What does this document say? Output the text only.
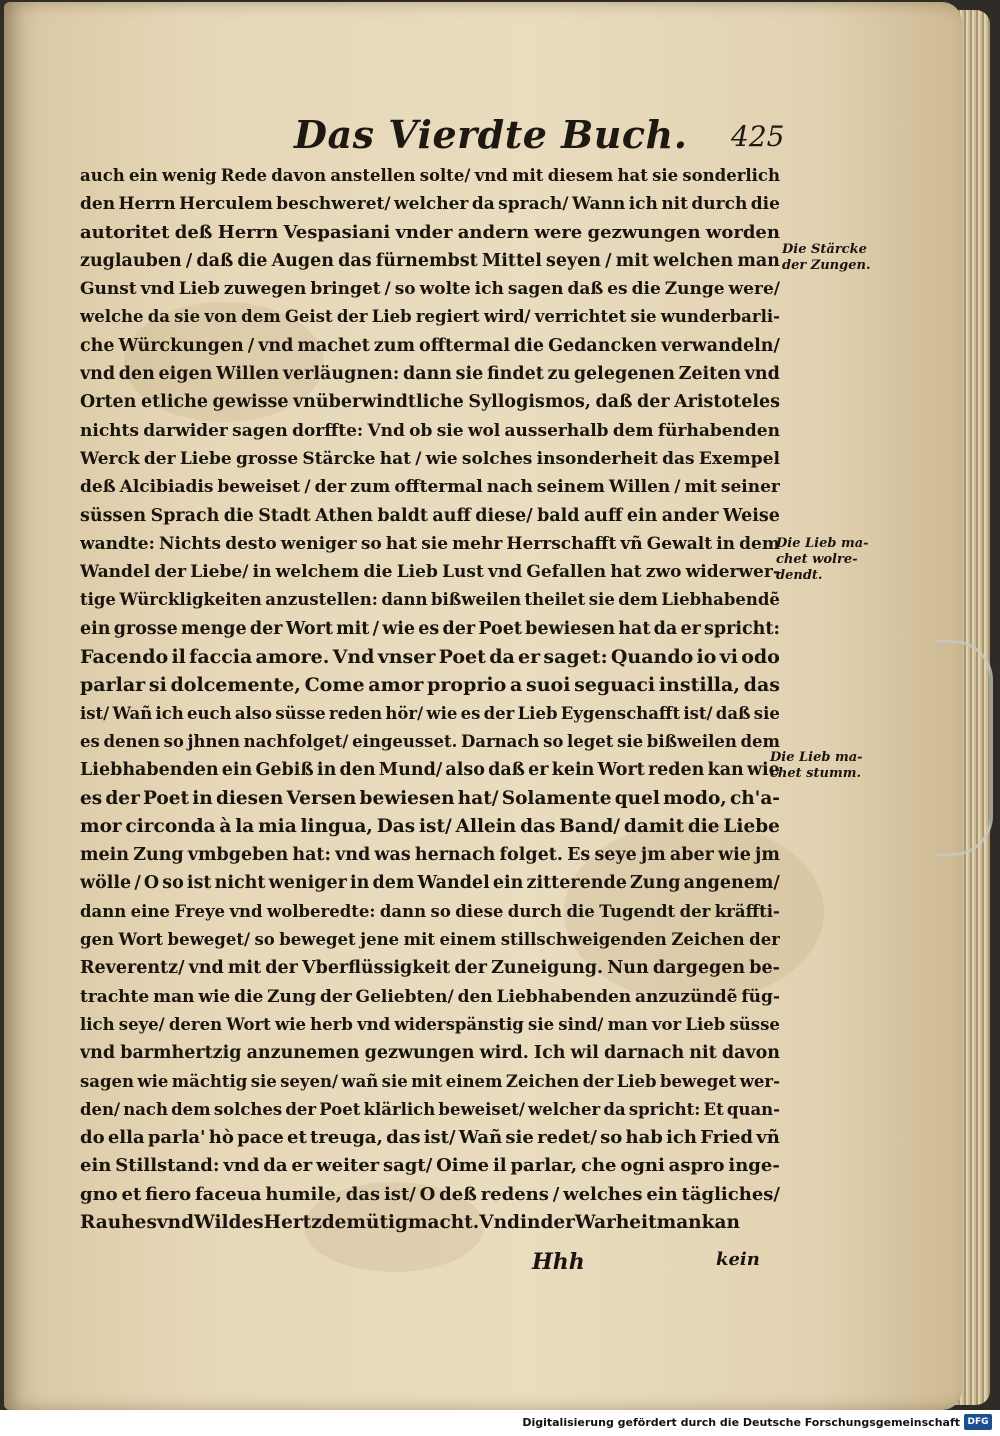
Das Vierdte Buch. 425
auch ein wenig Rede davon anstellen solte/ vnd mit diesem hat sie sonderlich
den Herrn Herculem beschweret/ welcher da sprach/ Wann ich nit durch die
autoritet deß Herrn Vespasiani vnder andern were gezwungen worden
zuglauben / daß die Augen das fürnembst Mittel seyen / mit welchen man
Gunst vnd Lieb zuwegen bringet / so wolte ich sagen daß es die Zunge were/
welche da sie von dem Geist der Lieb regiert wird/ verrichtet sie wunderbarli-
che Würckungen / vnd machet zum offtermal die Gedancken verwandeln/
vnd den eigen Willen verläugnen: dann sie findet zu gelegenen Zeiten vnd
Orten etliche gewisse vnüberwindtliche Syllogismos, daß der Aristoteles
nichts darwider sagen dorffte: Vnd ob sie wol ausserhalb dem fürhabenden
Werck der Liebe grosse Stärcke hat / wie solches insonderheit das Exempel
deß Alcibiadis beweiset / der zum offtermal nach seinem Willen / mit seiner
süssen Sprach die Stadt Athen baldt auff diese/ bald auff ein ander Weise
wandte: Nichts desto weniger so hat sie mehr Herrschafft vñ Gewalt in dem
Wandel der Liebe/ in welchem die Lieb Lust vnd Gefallen hat zwo widerwer-
tige Würckligkeiten anzustellen: dann bißweilen theilet sie dem Liebhabendẽ
ein grosse menge der Wort mit / wie es der Poet bewiesen hat da er spricht:
Facendo il faccia amore. Vnd vnser Poet da er saget: Quando io vi odo
parlar si dolcemente, Come amor proprio a suoi seguaci instilla, das
ist/ Wañ ich euch also süsse reden hör/ wie es der Lieb Eygenschafft ist/ daß sie
es denen so jhnen nachfolget/ eingeusset. Darnach so leget sie bißweilen dem
Liebhabenden ein Gebiß in den Mund/ also daß er kein Wort reden kan wie
es der Poet in diesen Versen bewiesen hat/ Solamente quel modo, ch'a-
mor circonda à la mia lingua, Das ist/ Allein das Band/ damit die Liebe
mein Zung vmbgeben hat: vnd was hernach folget. Es seye jm aber wie jm
wölle / O so ist nicht weniger in dem Wandel ein zitterende Zung angenem/
dann eine Freye vnd wolberedte: dann so diese durch die Tugendt der kräffti-
gen Wort beweget/ so beweget jene mit einem stillschweigenden Zeichen der
Reverentz/ vnd mit der Vberflüssigkeit der Zuneigung. Nun dargegen be-
trachte man wie die Zung der Geliebten/ den Liebhabenden anzuzündẽ füg-
lich seye/ deren Wort wie herb vnd widerspänstig sie sind/ man vor Lieb süsse
vnd barmhertzig anzunemen gezwungen wird. Ich wil darnach nit davon
sagen wie mächtig sie seyen/ wañ sie mit einem Zeichen der Lieb beweget wer-
den/ nach dem solches der Poet klärlich beweiset/ welcher da spricht: Et quan-
do ella parla' hò pace et treuga, das ist/ Wañ sie redet/ so hab ich Fried vñ
ein Stillstand: vnd da er weiter sagt/ Oime il parlar, che ogni aspro inge-
gno et fiero faceua humile, das ist/ O deß redens / welches ein tägliches/
Rauhes vnd Wildes Hertz demütig macht. Vnd in der Warheit man kan
Die Stärcke
der Zungen.
Die Lieb ma-
chet wolre-
dendt.
Die Lieb ma-
chet stumm.
Hhh	kein
Digitalisierung gefördert durch die Deutsche Forschungsgemeinschaft DFG
